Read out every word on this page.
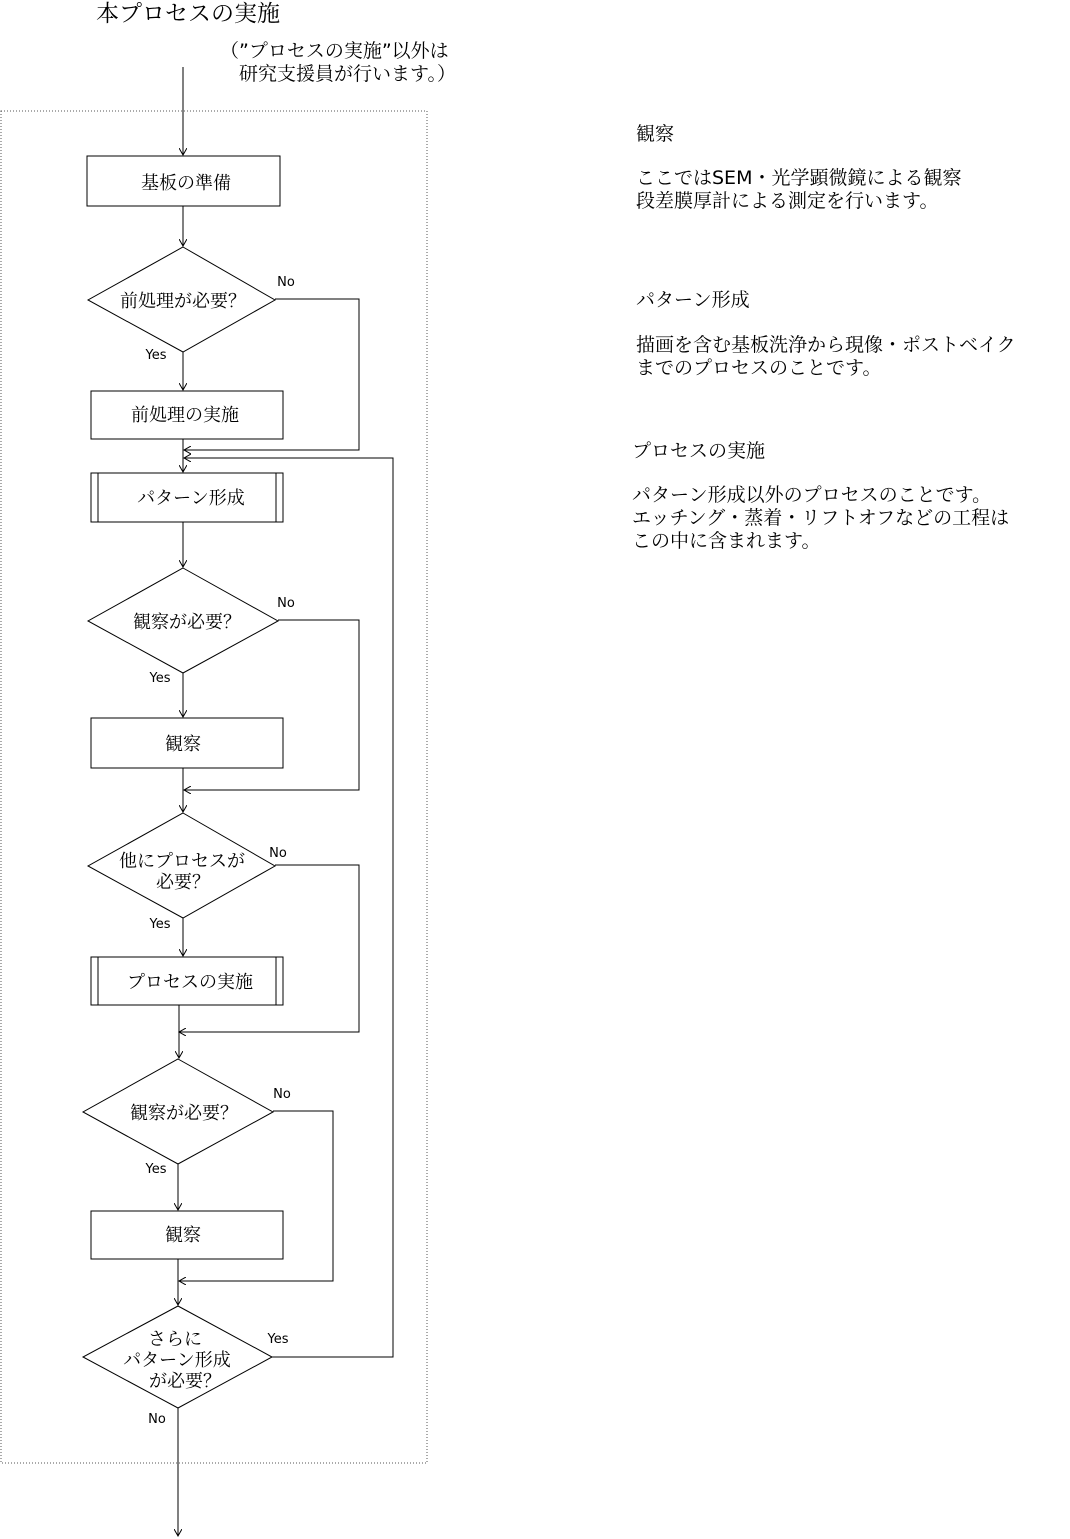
本プロセスの実施
（”プロセスの実施”以外は
　研究支援員が行います。）
基板の準備
前処理が必要？
前処理の実施
パターン形成
観察が必要？
観察
他にプロセスが
必要？
プロセスの実施
観察が必要？
観察
さらに
パターン形成
が必要？
No
Yes
No
Yes
No
Yes
No
Yes
Yes
No
観察
ここではSEM・光学顕微鏡による観察
段差膜厚計による測定を行います。
パターン形成
描画を含む基板洗浄から現像・ポストベイク
までのプロセスのことです。
プロセスの実施
パターン形成以外のプロセスのことです。
エッチング・蒸着・リフトオフなどの工程は
この中に含まれます。
